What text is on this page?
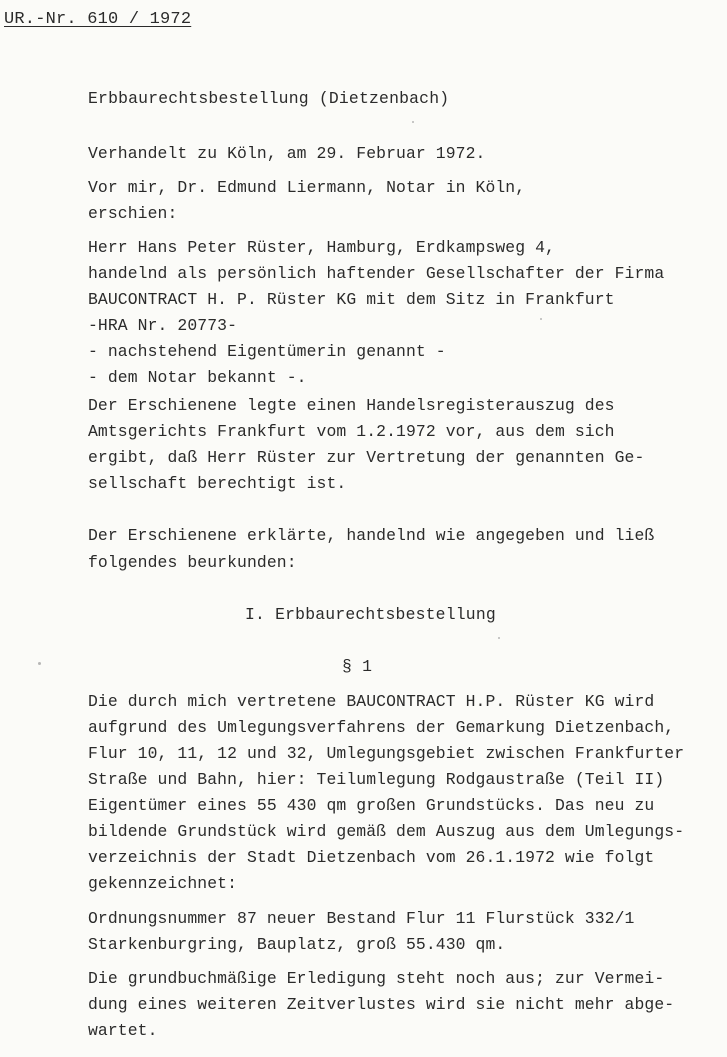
UR.-Nr. 610 / 1972
Erbbaurechtsbestellung (Dietzenbach)
Verhandelt zu Köln, am 29. Februar 1972.
Vor mir, Dr. Edmund Liermann, Notar in Köln,
erschien:
Herr Hans Peter Rüster, Hamburg, Erdkampsweg 4,
handelnd als persönlich haftender Gesellschafter der Firma
BAUCONTRACT H. P. Rüster KG mit dem Sitz in Frankfurt
-HRA Nr. 20773-
- nachstehend Eigentümerin genannt -
- dem Notar bekannt -.
Der Erschienene legte einen Handelsregisterauszug des
Amtsgerichts Frankfurt vom 1.2.1972 vor, aus dem sich
ergibt, daß Herr Rüster zur Vertretung der genannten Ge-
sellschaft berechtigt ist.
Der Erschienene erklärte, handelnd wie angegeben und ließ
folgendes beurkunden:
I. Erbbaurechtsbestellung
§ 1
Die durch mich vertretene BAUCONTRACT H.P. Rüster KG wird
aufgrund des Umlegungsverfahrens der Gemarkung Dietzenbach,
Flur 10, 11, 12 und 32, Umlegungsgebiet zwischen Frankfurter
Straße und Bahn, hier: Teilumlegung Rodgaustraße (Teil II)
Eigentümer eines 55 430 qm großen Grundstücks. Das neu zu
bildende Grundstück wird gemäß dem Auszug aus dem Umlegungs-
verzeichnis der Stadt Dietzenbach vom 26.1.1972 wie folgt
gekennzeichnet:
Ordnungsnummer 87 neuer Bestand Flur 11 Flurstück 332/1
Starkenburgring, Bauplatz, groß 55.430 qm.
Die grundbuchmäßige Erledigung steht noch aus; zur Vermei-
dung eines weiteren Zeitverlustes wird sie nicht mehr abge-
wartet.
